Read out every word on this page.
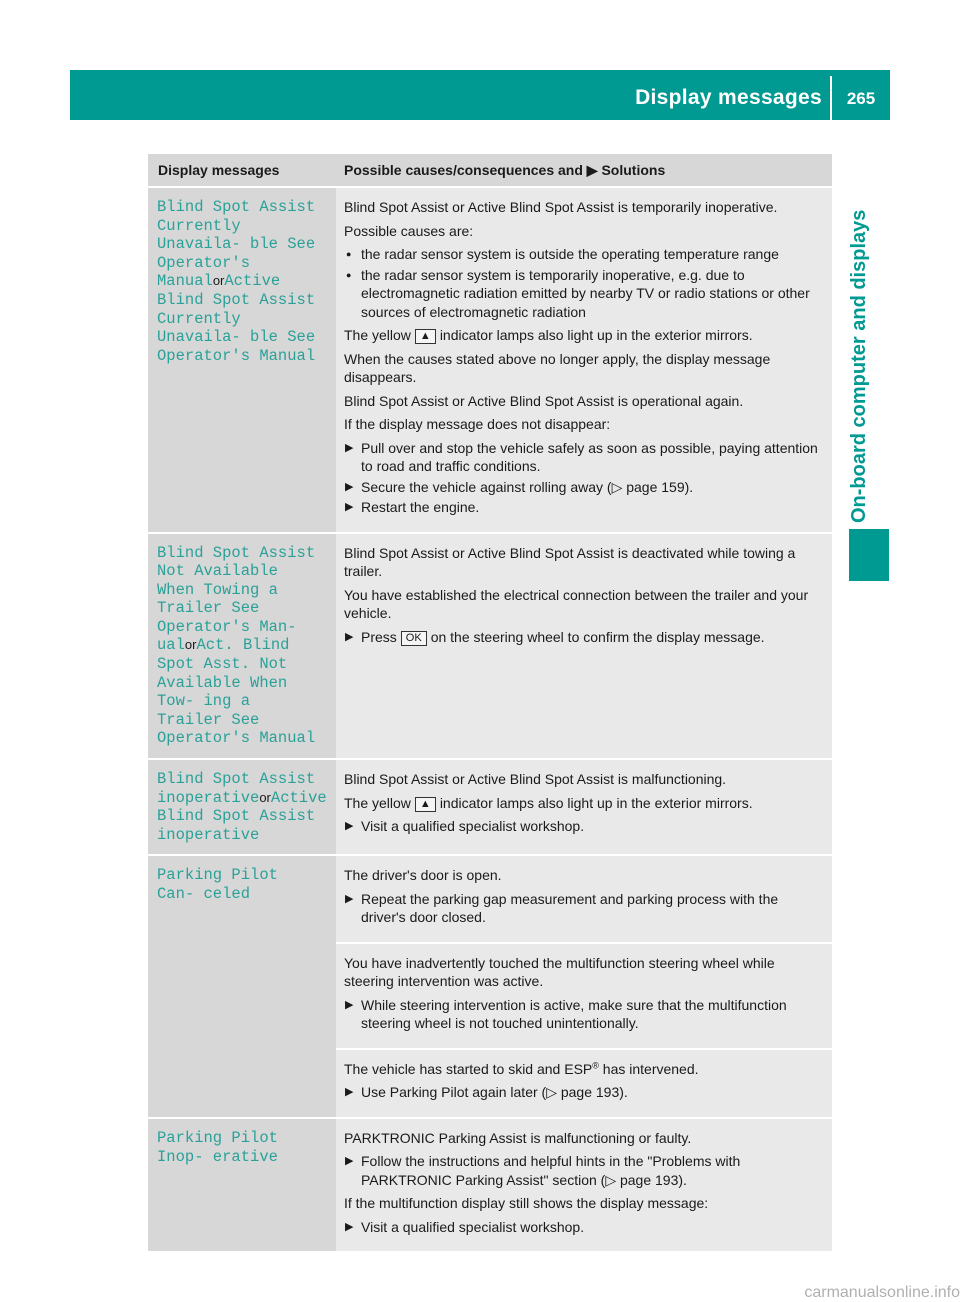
Display messages	265
On-board computer and displays
Display messages	Possible causes/consequences and ▶ Solutions
Blind Spot Assist Currently Unavaila‐ ble See Operator's ManualorActive Blind Spot Assist Currently Unavaila‐ ble See Operator's Manual

Blind Spot Assist or Active Blind Spot Assist is temporarily inoperative.

Possible causes are:

● the radar sensor system is outside the operating temperature range
● the radar sensor system is temporarily inoperative, e.g. due to electromagnetic radiation emitted by nearby TV or radio stations or other sources of electromagnetic radiation

The yellow ▲ indicator lamps also light up in the exterior mirrors.

When the causes stated above no longer apply, the display message disappears.

Blind Spot Assist or Active Blind Spot Assist is operational again.

If the display message does not disappear:

▶ Pull over and stop the vehicle safely as soon as possible, paying attention to road and traffic conditions.
▶ Secure the vehicle against rolling away (▷ page 159).
▶ Restart the engine.
Blind Spot Assist Not Available When Towing a Trailer See Operator's Man‐ ualorAct. Blind Spot Asst. Not Available When Tow‐ ing a Trailer See Operator's Manual

Blind Spot Assist or Active Blind Spot Assist is deactivated while towing a trailer.

You have established the electrical connection between the trailer and your vehicle.

▶ Press OK on the steering wheel to confirm the display message.
Blind Spot Assist inoperativeorActive Blind Spot Assist inoperative

Blind Spot Assist or Active Blind Spot Assist is malfunctioning.

The yellow ▲ indicator lamps also light up in the exterior mirrors.

▶ Visit a qualified specialist workshop.
Parking Pilot Can‐ celed

The driver's door is open.

▶ Repeat the parking gap measurement and parking process with the driver's door closed.

You have inadvertently touched the multifunction steering wheel while steering intervention was active.

▶ While steering intervention is active, make sure that the multifunction steering wheel is not touched unintentionally.

The vehicle has started to skid and ESP® has intervened.

▶ Use Parking Pilot again later (▷ page 193).
Parking Pilot Inop‐ erative

PARKTRONIC Parking Assist is malfunctioning or faulty.

▶ Follow the instructions and helpful hints in the "Problems with PARKTRONIC Parking Assist" section (▷ page 193).

If the multifunction display still shows the display message:

▶ Visit a qualified specialist workshop.
carmanualsonline.info
